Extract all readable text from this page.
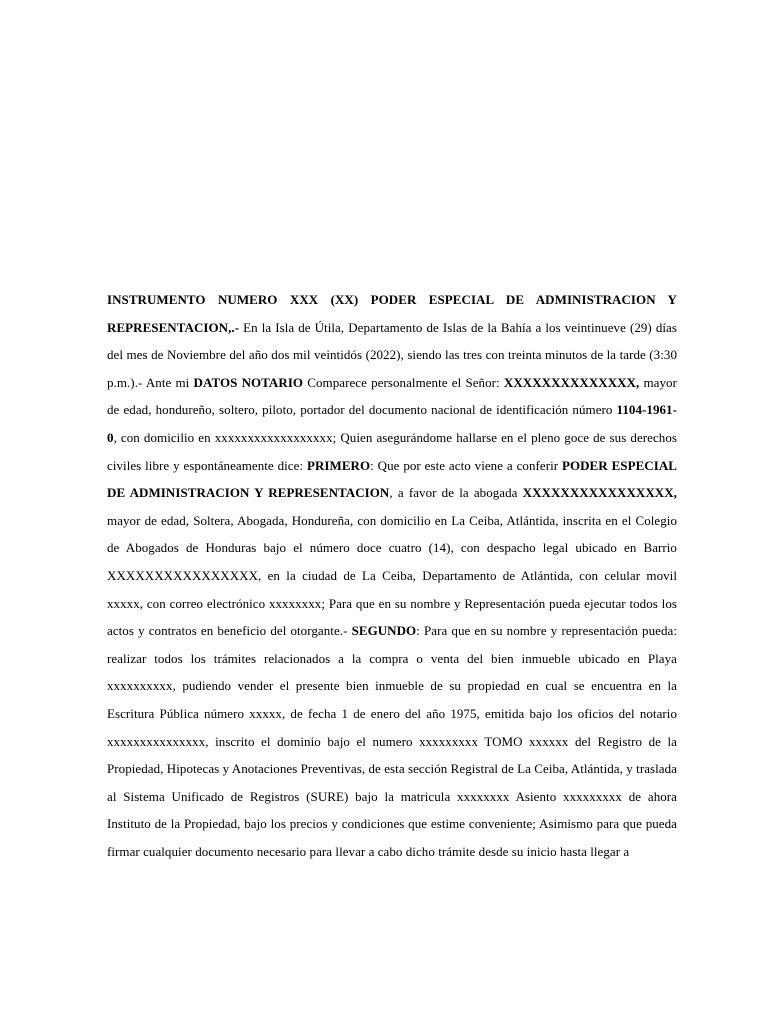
INSTRUMENTO NUMERO XXX (XX) PODER ESPECIAL DE ADMINISTRACION Y REPRESENTACION,.- En la Isla de Útila, Departamento de Islas de la Bahía a los veintinueve (29) días del mes de Noviembre del año dos mil veintidós (2022), siendo las tres con treinta minutos de la tarde (3:30 p.m.).- Ante mi DATOS NOTARIO Comparece personalmente el Señor: XXXXXXXXXXXXXX, mayor de edad, hondureño, soltero, piloto, portador del documento nacional de identificación número 1104-1961-0, con domicilio en xxxxxxxxxxxxxxxxxx; Quien asegurándome hallarse en el pleno goce de sus derechos civiles libre y espontáneamente dice: PRIMERO: Que por este acto viene a conferir PODER ESPECIAL DE ADMINISTRACION Y REPRESENTACION, a favor de la abogada XXXXXXXXXXXXXXXX, mayor de edad, Soltera, Abogada, Hondureña, con domicilio en La Ceiba, Atlántida, inscrita en el Colegio de Abogados de Honduras bajo el número doce cuatro (14), con despacho legal ubicado en Barrio XXXXXXXXXXXXXXXX, en la ciudad de La Ceiba, Departamento de Atlántida, con celular movil xxxxx, con correo electrónico xxxxxxxx; Para que en su nombre y Representación pueda ejecutar todos los actos y contratos en beneficio del otorgante.- SEGUNDO: Para que en su nombre y representación pueda: realizar todos los trámites relacionados a la compra o venta del bien inmueble ubicado en Playa xxxxxxxxxx, pudiendo vender el presente bien inmueble de su propiedad en cual se encuentra en la Escritura Pública número xxxxx, de fecha 1 de enero del año 1975, emitida bajo los oficios del notario xxxxxxxxxxxxxxx, inscrito el dominio bajo el numero xxxxxxxxx TOMO xxxxxx del Registro de la Propiedad, Hipotecas y Anotaciones Preventivas, de esta sección Registral de La Ceiba, Atlántida, y traslada al Sistema Unificado de Registros (SURE) bajo la matricula xxxxxxxx Asiento xxxxxxxxx de ahora Instituto de la Propiedad, bajo los precios y condiciones que estime conveniente; Asimismo para que pueda firmar cualquier documento necesario para llevar a cabo dicho trámite desde su inicio hasta llegar a
